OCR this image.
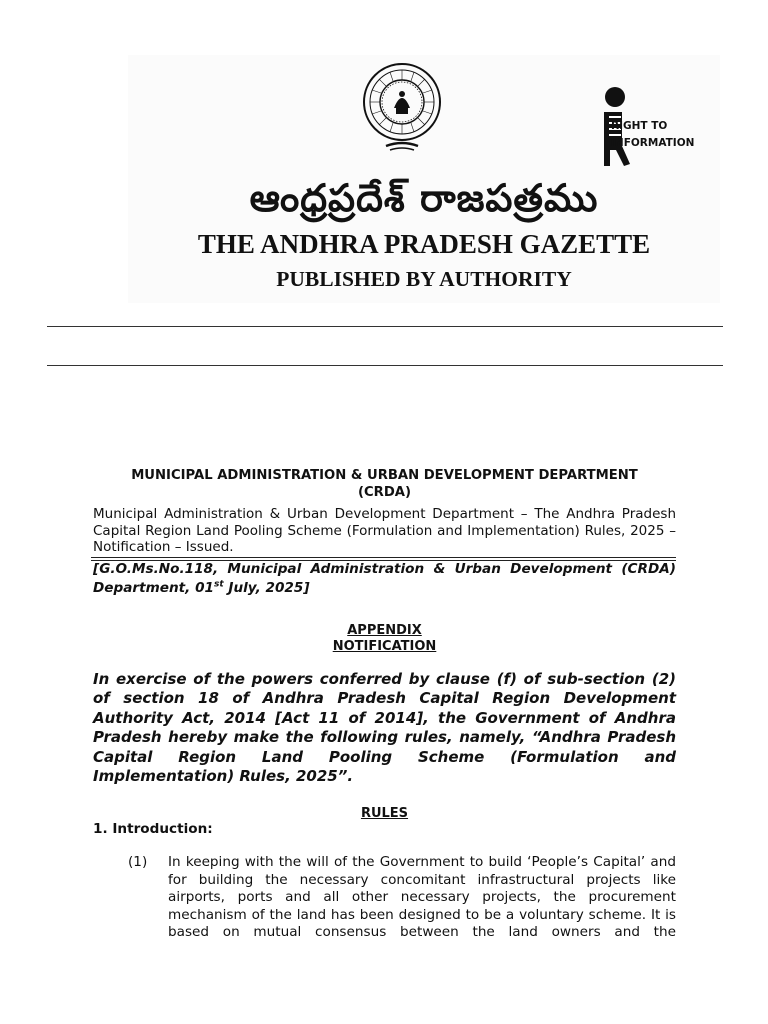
RIGHT TO
INFORMATION
ఆంధ్రప్రదేశ్ రాజపత్రము
THE ANDHRA PRADESH GAZETTE
PUBLISHED BY AUTHORITY
MUNICIPAL ADMINISTRATION & URBAN DEVELOPMENT DEPARTMENT
(CRDA)
Municipal Administration & Urban Development Department – The Andhra Pradesh Capital Region Land Pooling Scheme (Formulation and Implementation) Rules, 2025 – Notification – Issued.
[G.O.Ms.No.118, Municipal Administration & Urban Development (CRDA) Department, 01st July, 2025]
APPENDIX
NOTIFICATION
In exercise of the powers conferred by clause (f) of sub-section (2) of section 18 of Andhra Pradesh Capital Region Development Authority Act, 2014 [Act 11 of 2014], the Government of Andhra Pradesh hereby make the following rules, namely, “Andhra Pradesh Capital Region Land Pooling Scheme (Formulation and Implementation) Rules, 2025”.
RULES
1. Introduction:
(1) In keeping with the will of the Government to build ‘People’s Capital’ and for building the necessary concomitant infrastructural projects like airports, ports and all other necessary projects, the procurement mechanism of the land has been designed to be a voluntary scheme. It is based on mutual consensus between the land owners and the
